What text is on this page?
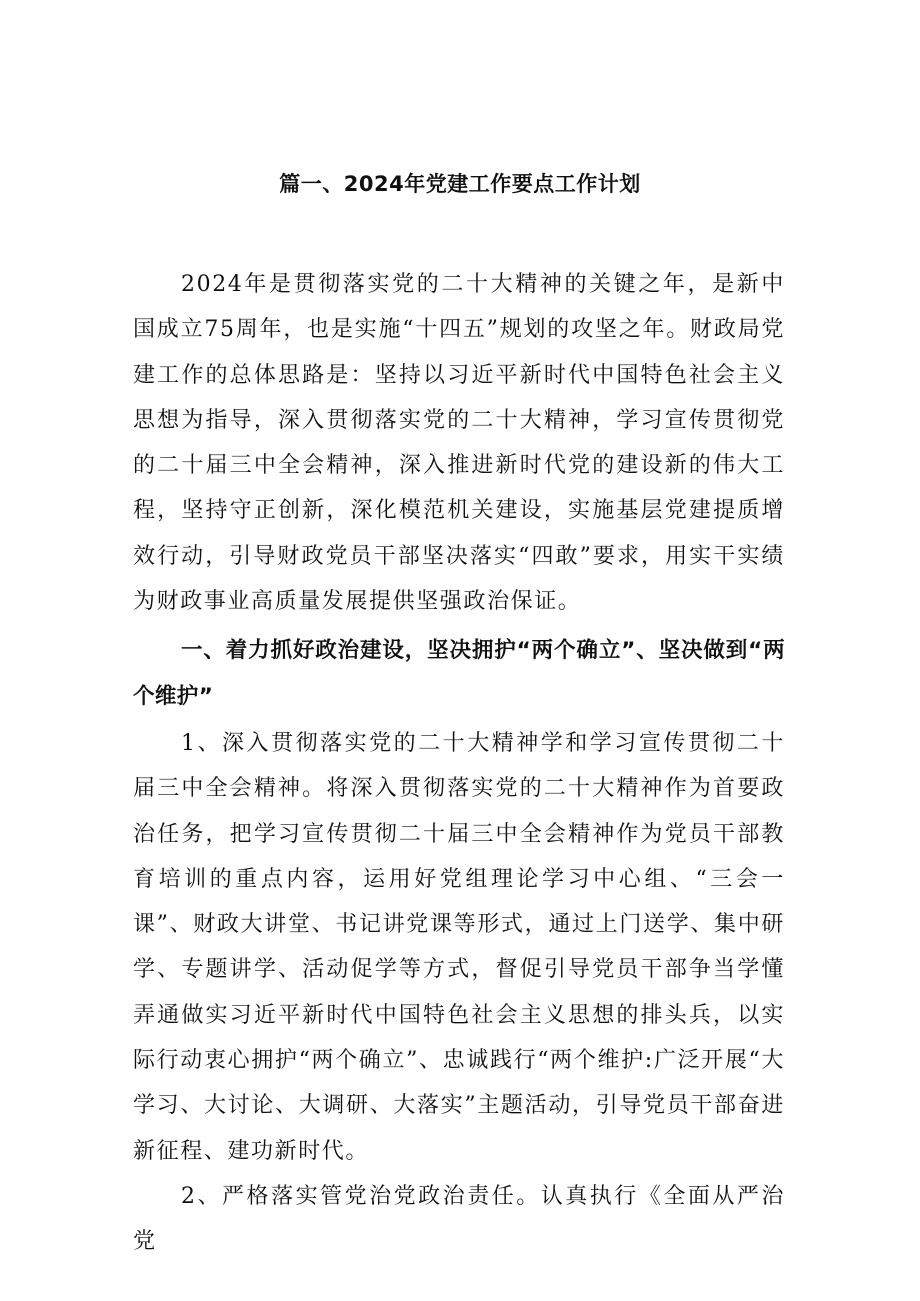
篇一、2024年党建工作要点工作计划

2024年是贯彻落实党的二十大精神的关键之年，是新中国成立75周年，也是实施“十四五”规划的攻坚之年。财政局党建工作的总体思路是：坚持以习近平新时代中国特色社会主义思想为指导，深入贯彻落实党的二十大精神，学习宣传贯彻党的二十届三中全会精神，深入推进新时代党的建设新的伟大工程，坚持守正创新，深化模范机关建设，实施基层党建提质增效行动，引导财政党员干部坚决落实“四敢”要求，用实干实绩为财政事业高质量发展提供坚强政治保证。

一、着力抓好政治建设，坚决拥护“两个确立”、坚决做到“两个维护”

1、深入贯彻落实党的二十大精神学和学习宣传贯彻二十届三中全会精神。将深入贯彻落实党的二十大精神作为首要政治任务，把学习宣传贯彻二十届三中全会精神作为党员干部教育培训的重点内容，运用好党组理论学习中心组、“三会一课”、财政大讲堂、书记讲党课等形式，通过上门送学、集中研学、专题讲学、活动促学等方式，督促引导党员干部争当学懂弄通做实习近平新时代中国特色社会主义思想的排头兵，以实际行动衷心拥护“两个确立”、忠诚践行“两个维护:广泛开展“大学习、大讨论、大调研、大落实”主题活动，引导党员干部奋进新征程、建功新时代。

2、严格落实管党治党政治责任。认真执行《全面从严治党
